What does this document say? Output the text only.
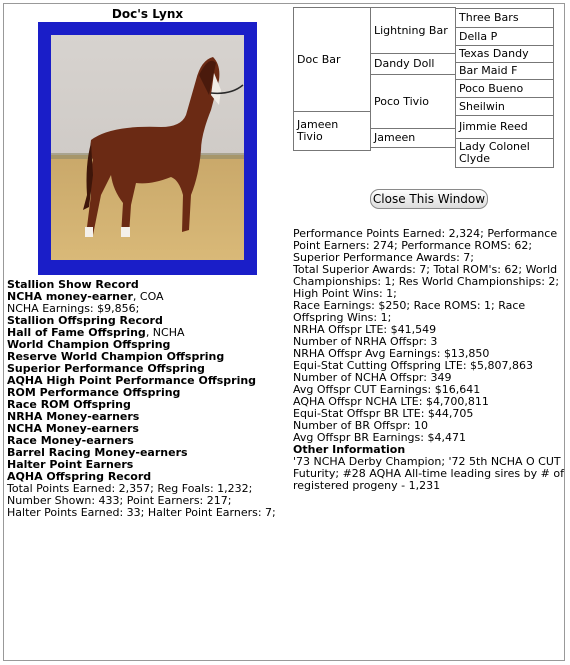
Doc's Lynx
Doc Bar
Jameen Tivio
Lightning Bar
Dandy Doll
Poco Tivio
Jameen
Three Bars
Della P
Texas Dandy
Bar Maid F
Poco Bueno
Sheilwin
Jimmie Reed
Lady Colonel Clyde
Close This Window
Stallion Show Record
NCHA money-earner, COA
NCHA Earnings: $9,856;
Stallion Offspring Record
Hall of Fame Offspring, NCHA
World Champion Offspring
Reserve World Champion Offspring
Superior Performance Offspring
AQHA High Point Performance Offspring
ROM Performance Offspring
Race ROM Offspring
NRHA Money-earners
NCHA Money-earners
Race Money-earners
Barrel Racing Money-earners
Halter Point Earners
AQHA Offspring Record
Total Points Earned: 2,357; Reg Foals: 1,232; Number Shown: 433; Point Earners: 217;
Halter Points Earned: 33; Halter Point Earners: 7;
Performance Points Earned: 2,324; Performance Point Earners: 274; Performance ROMS: 62; Superior Performance Awards: 7;
Total Superior Awards: 7; Total ROM's: 62; World Championships: 1; Res World Championships: 2; High Point Wins: 1;
Race Earnings: $250; Race ROMS: 1; Race Offspring Wins: 1;
NRHA Offspr LTE: $41,549
Number of NRHA Offspr: 3
NRHA Offspr Avg Earnings: $13,850
Equi-Stat Cutting Offspring LTE: $5,807,863
Number of NCHA Offspr: 349
Avg Offspr CUT Earnings: $16,641
AQHA Offspr NCHA LTE: $4,700,811
Equi-Stat Offspr BR LTE: $44,705
Number of BR Offspr: 10
Avg Offspr BR Earnings: $4,471
Other Information
'73 NCHA Derby Champion; '72 5th NCHA O CUT Futurity; #28 AQHA All-time leading sires by # of registered progeny - 1,231
